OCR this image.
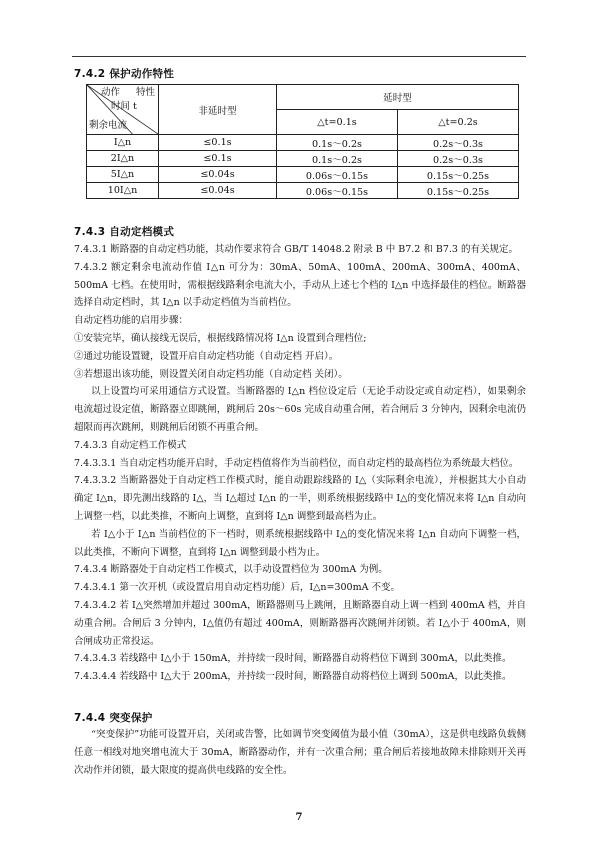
7.4.2 保护动作特性
特性
动作
时间 t
剩余电流	非延时型	延时型	
		△t=0.1s	△t=0.2s
I△n	≤0.1s	0.1s～0.2s	0.2s～0.3s
2I△n	≤0.1s	0.1s～0.2s	0.2s～0.3s
5I△n	≤0.04s	0.06s～0.15s	0.15s～0.25s
10I△n	≤0.04s	0.06s～0.15s	0.15s～0.25s
7.4.3 自动定档模式

7.4.3.1 断路器的自动定档功能，其动作要求符合 GB/T 14048.2 附录 B 中 B7.2 和 B7.3 的有关规定。

7.4.3.2 额定剩余电流动作值 I△n 可分为：30mA、50mA、100mA、200mA、300mA、400mA、500mA 七档。在使用时，需根据线路剩余电流大小，手动从上述七个档的 I△n 中选择最佳的档位。断路器选择自动定档时，其 I△n 以手动定档值为当前档位。

自动定档功能的启用步骤：

①安装完毕，确认接线无误后，根据线路情况将 I△n 设置到合理档位;

②通过功能设置键，设置开启自动定档功能（自动定档 开启）。

③若想退出该功能，则设置关闭自动定档功能（自动定档 关闭）。

以上设置均可采用通信方式设置。当断路器的 I△n 档位设定后（无论手动设定或自动定档），如果剩余电流超过设定值，断路器立即跳闸，跳闸后 20s～60s 完成自动重合闸，若合闸后 3 分钟内，因剩余电流仍超限而再次跳闸，则跳闸后闭锁不再重合闸。

7.4.3.3 自动定档工作模式

7.4.3.3.1 当自动定档功能开启时，手动定档值将作为当前档位，而自动定档的最高档位为系统最大档位。

7.4.3.3.2 当断路器处于自动定档工作模式时，能自动跟踪线路的 I△（实际剩余电流），并根据其大小自动确定 I△n，即先测出线路的 I△，当 I△超过 I△n 的一半，则系统根据线路中 I△的变化情况来将 I△n 自动向上调整一档，以此类推，不断向上调整，直到将 I△n 调整到最高档为止。

若 I△小于 I△n 当前档位的下一档时，则系统根据线路中 I△的变化情况来将 I△n 自动向下调整一档，以此类推，不断向下调整，直到将 I△n 调整到最小档为止。

7.4.3.4 断路器处于自动定档工作模式，以手动设置档位为 300mA 为例。

7.4.3.4.1 第一次开机（或设置启用自动定档功能）后，I△n=300mA 不变。

7.4.3.4.2 若 I△突然增加并超过 300mA，断路器则马上跳闸，且断路器自动上调一档到 400mA 档，并自动重合闸。合闸后 3 分钟内，I△值仍有超过 400mA，则断路器再次跳闸并闭锁。若 I△小于 400mA，则合闸成功正常投运。

7.4.3.4.3 若线路中 I△小于 150mA，并持续一段时间，断路器自动将档位下调到 300mA，以此类推。

7.4.3.4.4 若线路中 I△大于 200mA，并持续一段时间，断路器自动将档位上调到 500mA，以此类推。

7.4.4 突变保护

“突变保护”功能可设置开启，关闭或告警，比如调节突变阈值为最小值（30mA），这是供电线路负载侧任意一相线对地突增电流大于 30mA，断路器动作，并有一次重合闸；重合闸后若接地故障未排除则开关再次动作并闭锁，最大限度的提高供电线路的安全性。

7
